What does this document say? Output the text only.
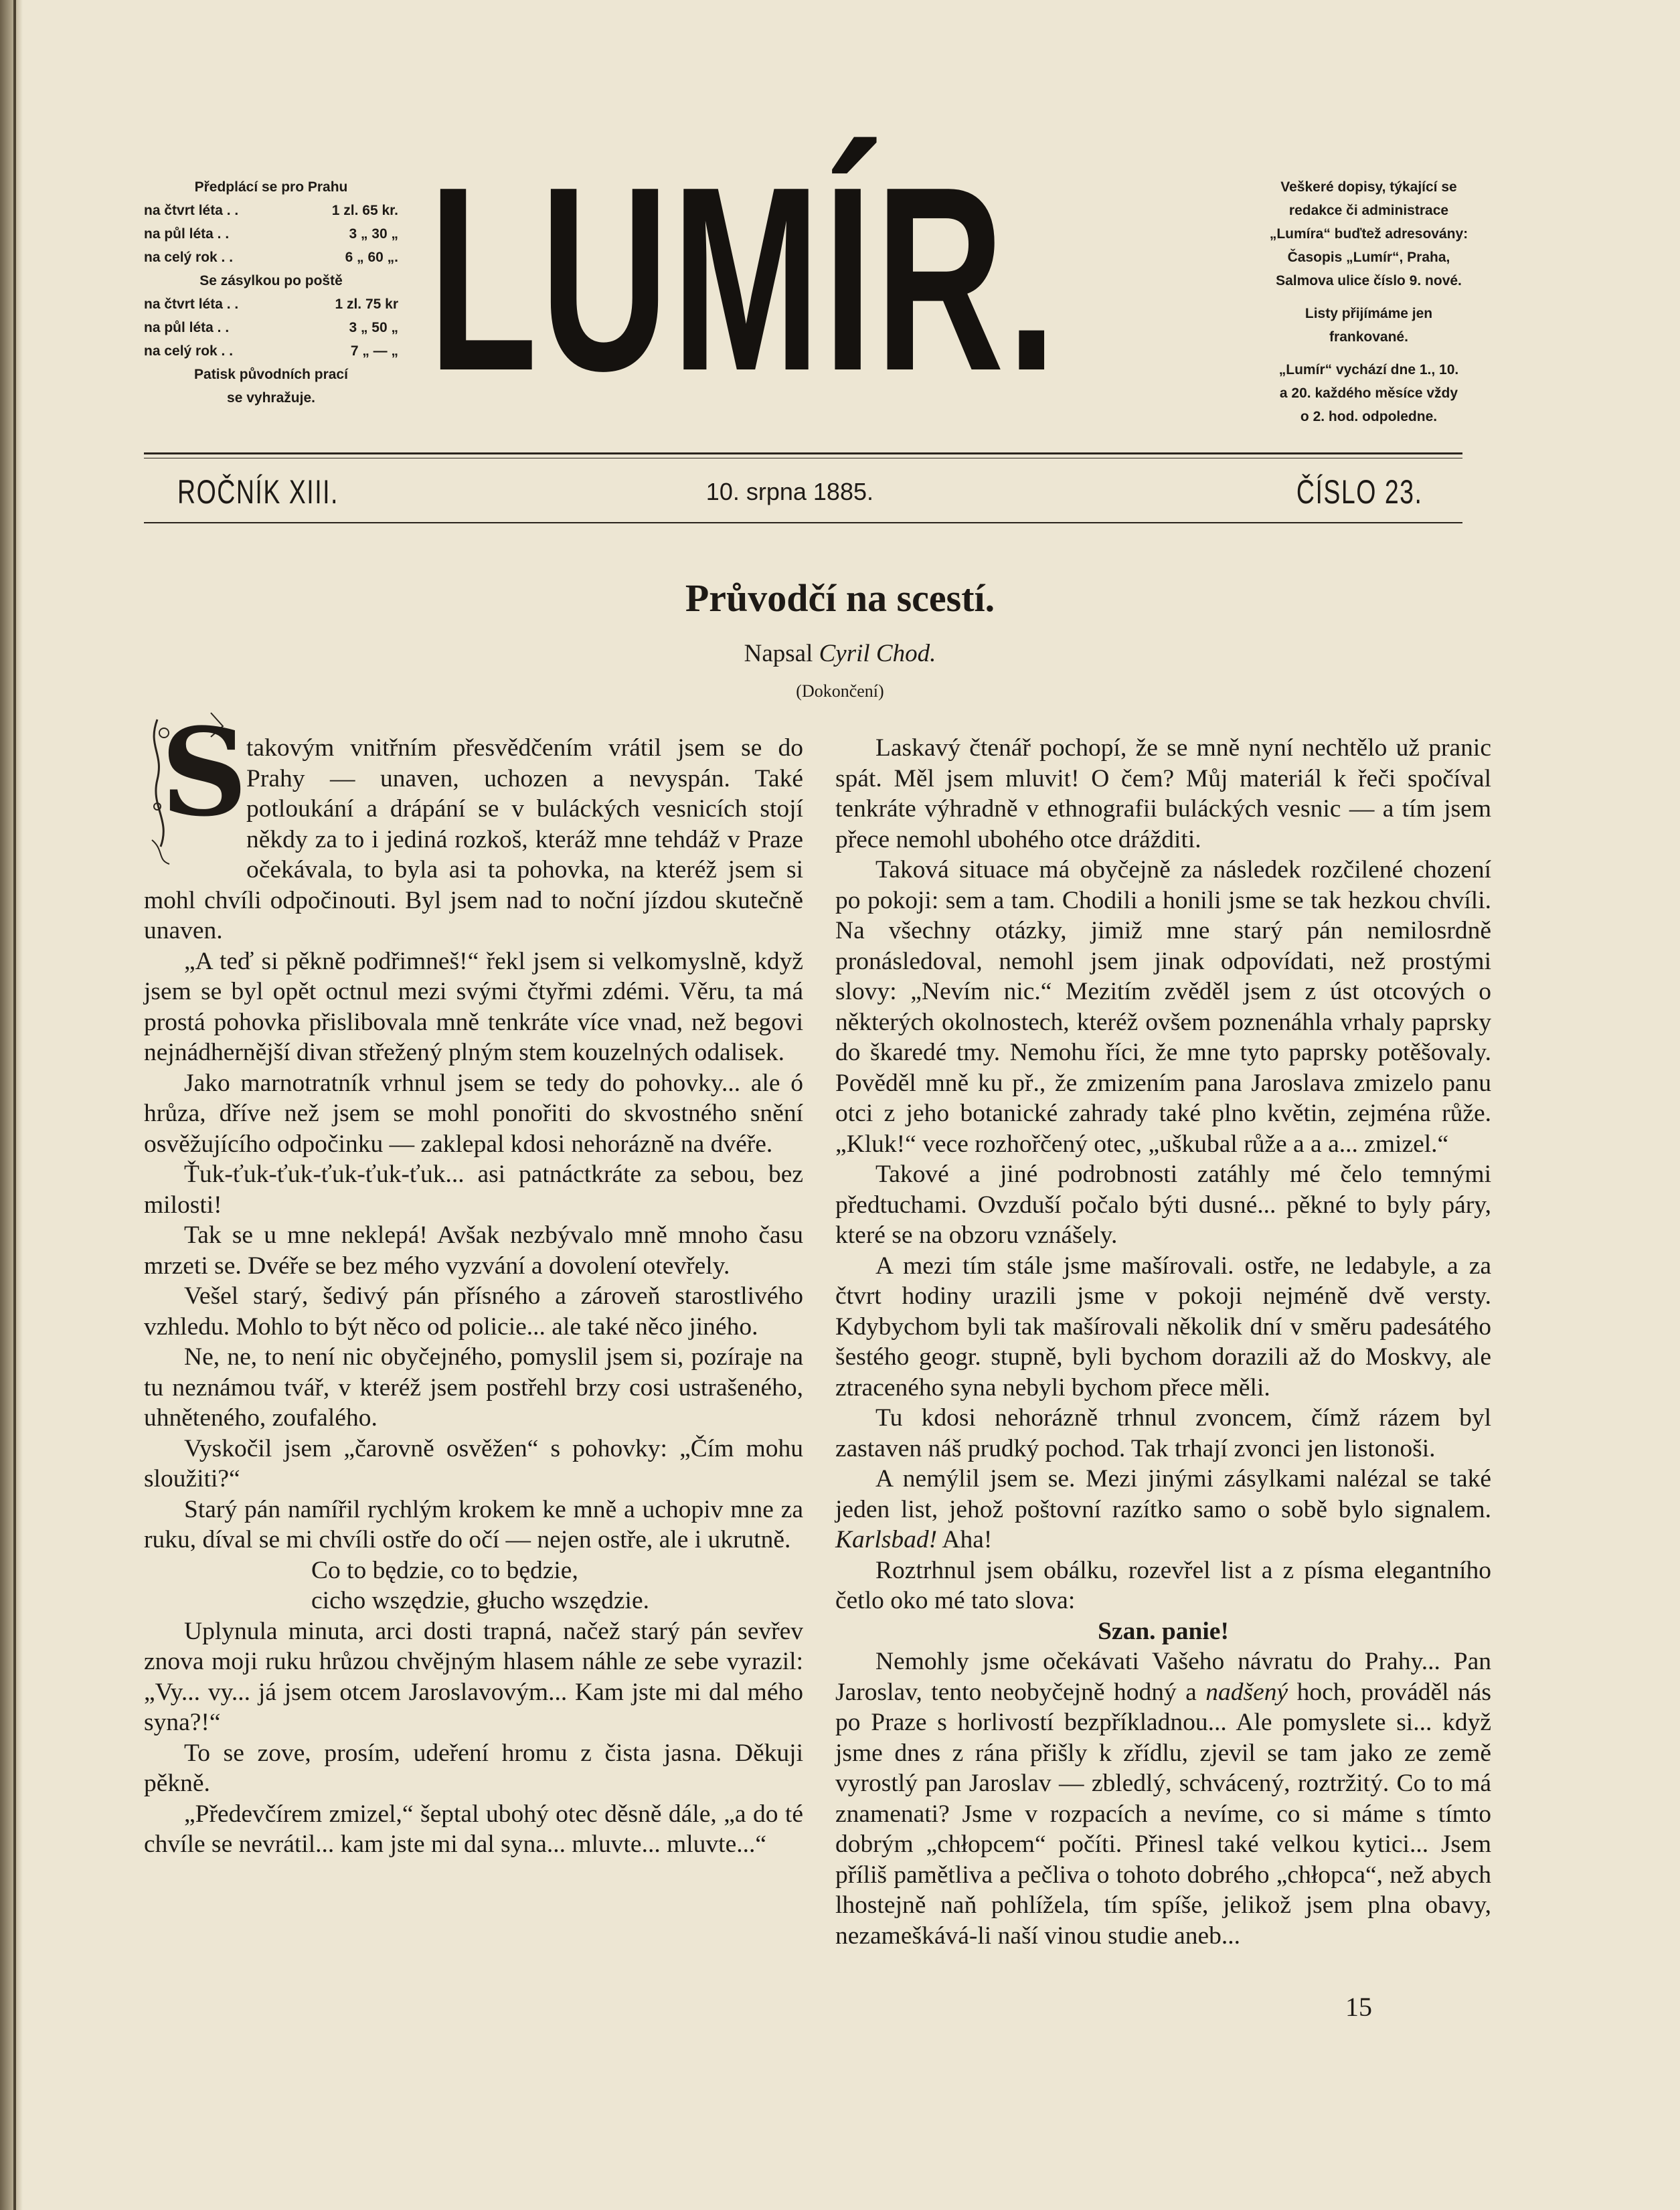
Předplácí se pro Prahu
na čtvrt léta . .	1 zl. 65 kr.
na půl léta . .	3 „ 30 „
na celý rok . .	6 „ 60 „.
Se zásylkou po poště
na čtvrt léta . .	1 zl. 75 kr
na půl léta . .	3 „ 50 „
na celý rok . .	7 „ — „
Patisk původních prací
se vyhražuje. LUMÍR.	Veškeré dopisy, týkající se
redakce či administrace
„Lumíra“ buďtež adresovány:
Časopis „Lumír“, Praha,
Salmova ulice číslo 9. nové.
Listy přijímáme jen
frankované.
„Lumír“ vychází dne 1., 10.
a 20. každého měsíce vždy
o 2. hod. odpoledne.
ROČNÍK XIII.	10. srpna 1885.	ČÍSLO 23.
Průvodčí na scestí.
Napsal Cyril Chod.
(Dokončení)
S

takovým vnitřním přesvědčením vrátil jsem se do Prahy — unaven, uchozen a nevyspán. Také potloukání a drápání se v buláckých vesnicích stojí někdy za to i jediná rozkoš, kteráž mne tehdáž v Praze očekávala, to byla asi ta pohovka, na kteréž jsem si mohl chvíli odpočinouti. Byl jsem nad to noční jízdou skutečně unaven.

„A teď si pěkně podřimneš!“ řekl jsem si velkomyslně, když jsem se byl opět octnul mezi svými čtyřmi zdémi. Věru, ta má prostá pohovka přislibovala mně tenkráte více vnad, než begovi nejnádhernější divan střežený plným stem kouzelných odalisek.

Jako marnotratník vrhnul jsem se tedy do pohovky... ale ó hrůza, dříve než jsem se mohl ponořiti do skvostného snění osvěžujícího odpočinku — zaklepal kdosi nehorázně na dvéře.

Ťuk-ťuk-ťuk-ťuk-ťuk-ťuk... asi patnáctkráte za sebou, bez milosti!

Tak se u mne neklepá! Avšak nezbývalo mně mnoho času mrzeti se. Dvéře se bez mého vyzvání a dovolení otevřely.

Vešel starý, šedivý pán přísného a zároveň starostlivého vzhledu. Mohlo to být něco od policie... ale také něco jiného.

Ne, ne, to není nic obyčejného, pomyslil jsem si, pozíraje na tu neznámou tvář, v kteréž jsem postřehl brzy cosi ustrašeného, uhněteného, zoufalého.

Vyskočil jsem „čarovně osvěžen“ s pohovky: „Čím mohu sloužiti?“

Starý pán namířil rychlým krokem ke mně a uchopiv mne za ruku, díval se mi chvíli ostře do očí — nejen ostře, ale i ukrutně.

Co to będzie, co to będzie,

cicho wszędzie, głucho wszędzie.

Uplynula minuta, arci dosti trapná, načež starý pán sevřev znova moji ruku hrůzou chvějným hlasem náhle ze sebe vyrazil: „Vy... vy... já jsem otcem Jaroslavovým... Kam jste mi dal mého syna?!“

To se zove, prosím, udeření hromu z čista jasna. Děkuji pěkně.

„Předevčírem zmizel,“ šeptal ubohý otec děsně dále, „a do té chvíle se nevrátil... kam jste mi dal syna... mluvte... mluvte...“

Laskavý čtenář pochopí, že se mně nyní nechtělo už pranic spát. Měl jsem mluvit! O čem? Můj materiál k řeči spočíval tenkráte výhradně v ethnografii buláckých vesnic — a tím jsem přece nemohl ubohého otce drážditi.

Taková situace má obyčejně za následek rozčilené chození po pokoji: sem a tam. Chodili a honili jsme se tak hezkou chvíli. Na všechny otázky, jimiž mne starý pán nemilosrdně pronásledoval, nemohl jsem jinak odpovídati, než prostými slovy: „Nevím nic.“ Mezitím zvěděl jsem z úst otcových o některých okolnostech, kteréž ovšem poznenáhla vrhaly paprsky do škaredé tmy. Nemohu říci, že mne tyto paprsky potěšovaly. Pověděl mně ku př., že zmizením pana Jaroslava zmizelo panu otci z jeho botanické zahrady také plno květin, zejména růže. „Kluk!“ vece rozhořčený otec, „uškubal růže a a a... zmizel.“

Takové a jiné podrobnosti zatáhly mé čelo temnými předtuchami. Ovzduší počalo býti dusné... pěkné to byly páry, které se na obzoru vznášely.

A mezi tím stále jsme mašírovali. ostře, ne ledabyle, a za čtvrt hodiny urazili jsme v pokoji nejméně dvě versty. Kdybychom byli tak mašírovali několik dní v směru padesátého šestého geogr. stupně, byli bychom dorazili až do Moskvy, ale ztraceného syna nebyli bychom přece měli.

Tu kdosi nehorázně trhnul zvoncem, čímž rázem byl zastaven náš prudký pochod. Tak trhají zvonci jen listonoši.

A nemýlil jsem se. Mezi jinými zásylkami nalézal se také jeden list, jehož poštovní razítko samo o sobě bylo signalem. Karlsbad! Aha!

Roztrhnul jsem obálku, rozevřel list a z písma elegantního četlo oko mé tato slova:

Szan. panie!

Nemohly jsme očekávati Vašeho návratu do Prahy... Pan Jaroslav, tento neobyčejně hodný a nadšený hoch, prováděl nás po Praze s horlivostí bezpříkladnou... Ale pomyslete si... když jsme dnes z rána přišly k zřídlu, zjevil se tam jako ze země vyrostlý pan Jaroslav — zbledlý, schvácený, roztržitý. Co to má znamenati? Jsme v rozpacích a nevíme, co si máme s tímto dobrým „chłopcem“ počíti. Přinesl také velkou kytici... Jsem příliš pamětliva a pečliva o tohoto dobrého „chłopca“, než abych lhostejně naň pohlížela, tím spíše, jelikož jsem plna obavy, nezameškává-li naší vinou studie aneb...

15
